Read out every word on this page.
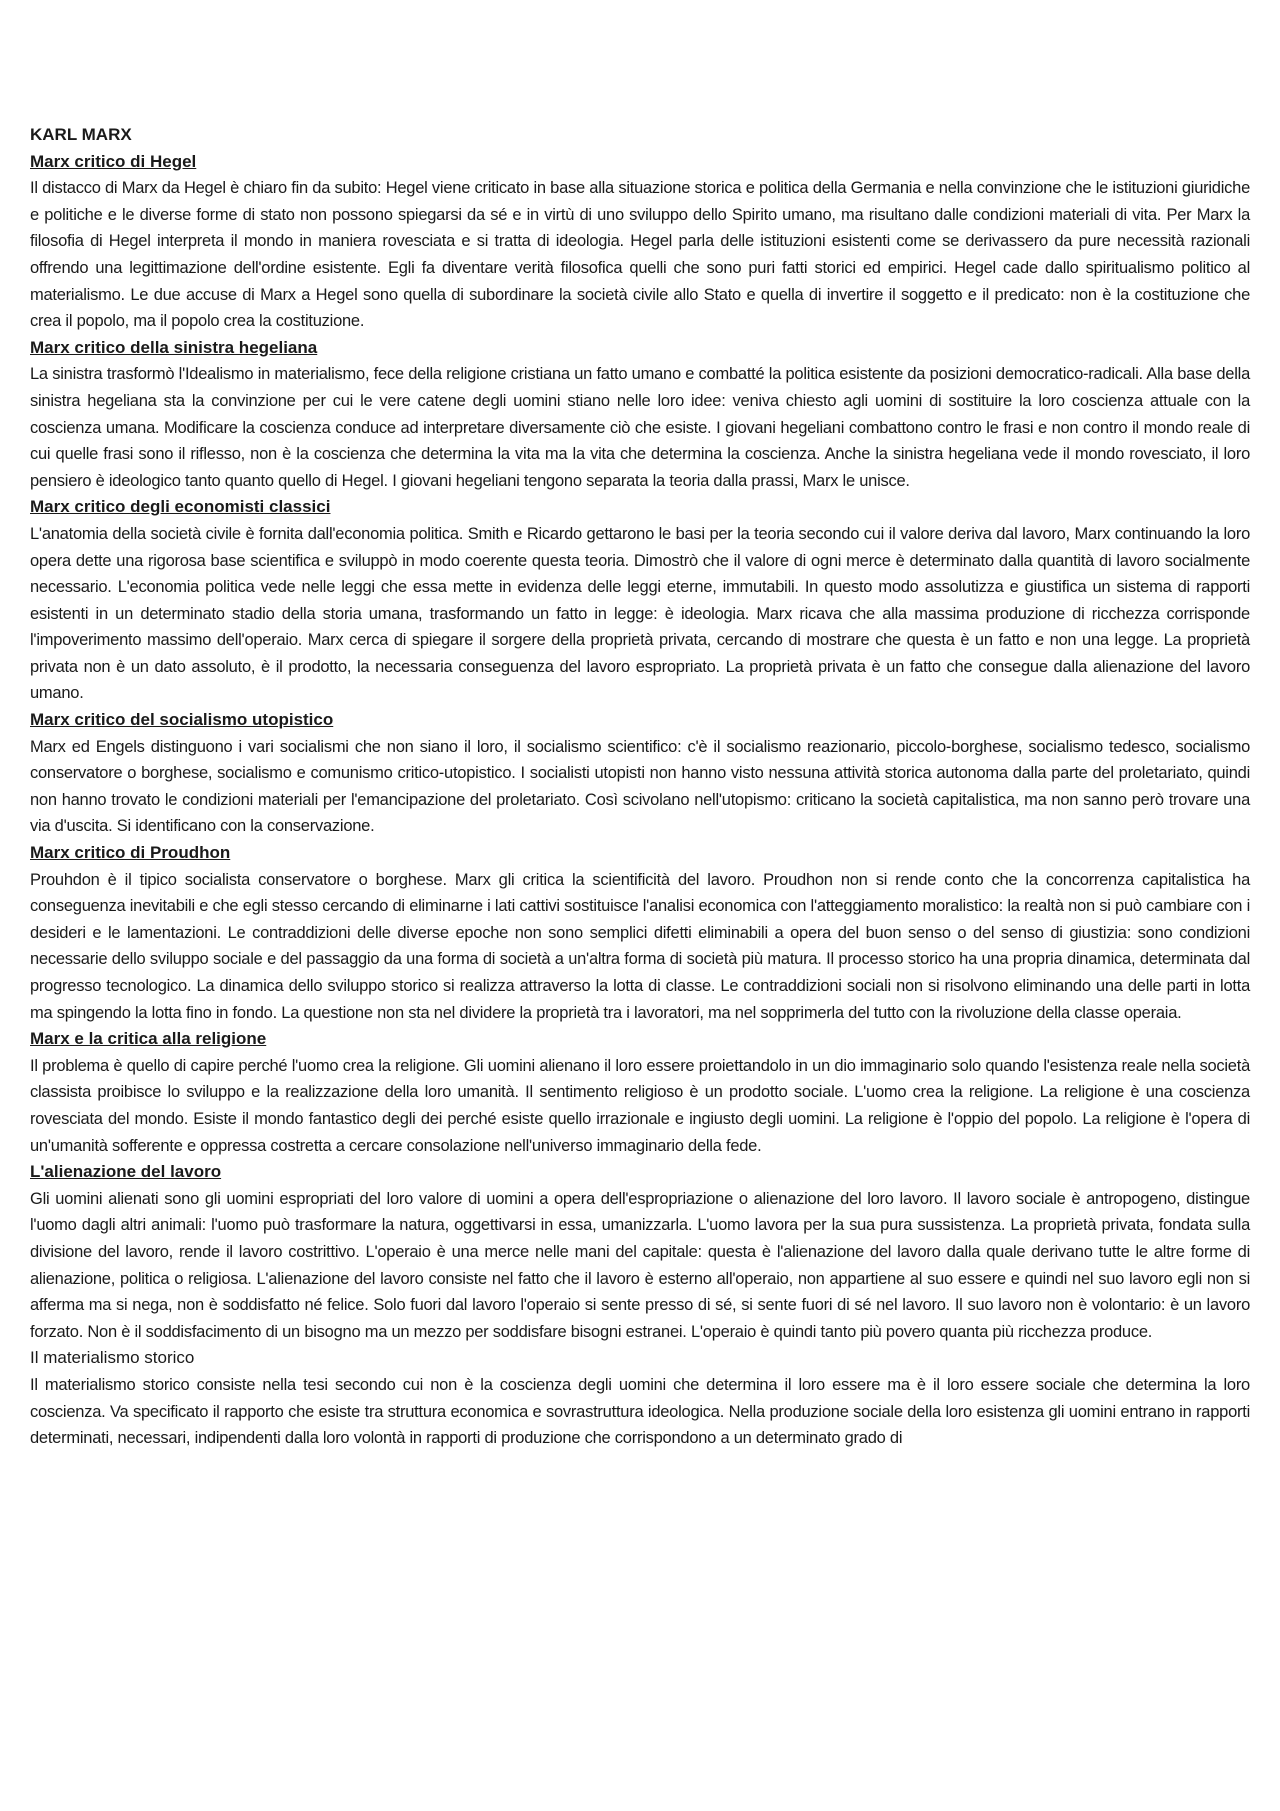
KARL MARX
Marx critico di Hegel

Il distacco di Marx da Hegel è chiaro fin da subito: Hegel viene criticato in base alla situazione storica e politica della Germania e nella convinzione che le istituzioni giuridiche e politiche e le diverse forme di stato non possono spiegarsi da sé e in virtù di uno sviluppo dello Spirito umano, ma risultano dalle condizioni materiali di vita. Per Marx la filosofia di Hegel interpreta il mondo in maniera rovesciata e si tratta di ideologia. Hegel parla delle istituzioni esistenti come se derivassero da pure necessità razionali offrendo una legittimazione dell'ordine esistente. Egli fa diventare verità filosofica quelli che sono puri fatti storici ed empirici. Hegel cade dallo spiritualismo politico al materialismo. Le due accuse di Marx a Hegel sono quella di subordinare la società civile allo Stato e quella di invertire il soggetto e il predicato: non è la costituzione che crea il popolo, ma il popolo crea la costituzione.

Marx critico della sinistra hegeliana

La sinistra trasformò l'Idealismo in materialismo, fece della religione cristiana un fatto umano e combatté la politica esistente da posizioni democratico-radicali. Alla base della sinistra hegeliana sta la convinzione per cui le vere catene degli uomini stiano nelle loro idee: veniva chiesto agli uomini di sostituire la loro coscienza attuale con la coscienza umana. Modificare la coscienza conduce ad interpretare diversamente ciò che esiste. I giovani hegeliani combattono contro le frasi e non contro il mondo reale di cui quelle frasi sono il riflesso, non è la coscienza che determina la vita ma la vita che determina la coscienza. Anche la sinistra hegeliana vede il mondo rovesciato, il loro pensiero è ideologico tanto quanto quello di Hegel. I giovani hegeliani tengono separata la teoria dalla prassi, Marx le unisce.

Marx critico degli economisti classici

L'anatomia della società civile è fornita dall'economia politica. Smith e Ricardo gettarono le basi per la teoria secondo cui il valore deriva dal lavoro, Marx continuando la loro opera dette una rigorosa base scientifica e sviluppò in modo coerente questa teoria. Dimostrò che il valore di ogni merce è determinato dalla quantità di lavoro socialmente necessario. L'economia politica vede nelle leggi che essa mette in evidenza delle leggi eterne, immutabili. In questo modo assolutizza e giustifica un sistema di rapporti esistenti in un determinato stadio della storia umana, trasformando un fatto in legge: è ideologia. Marx ricava che alla massima produzione di ricchezza corrisponde l'impoverimento massimo dell'operaio. Marx cerca di spiegare il sorgere della proprietà privata, cercando di mostrare che questa è un fatto e non una legge. La proprietà privata non è un dato assoluto, è il prodotto, la necessaria conseguenza del lavoro espropriato. La proprietà privata è un fatto che consegue dalla alienazione del lavoro umano.

Marx critico del socialismo utopistico

Marx ed Engels distinguono i vari socialismi che non siano il loro, il socialismo scientifico: c'è il socialismo reazionario, piccolo-borghese, socialismo tedesco, socialismo conservatore o borghese, socialismo e comunismo critico-utopistico. I socialisti utopisti non hanno visto nessuna attività storica autonoma dalla parte del proletariato, quindi non hanno trovato le condizioni materiali per l'emancipazione del proletariato. Così scivolano nell'utopismo: criticano la società capitalistica, ma non sanno però trovare una via d'uscita. Si identificano con la conservazione.

Marx critico di Proudhon

Prouhdon è il tipico socialista conservatore o borghese. Marx gli critica la scientificità del lavoro. Proudhon non si rende conto che la concorrenza capitalistica ha conseguenza inevitabili e che egli stesso cercando di eliminarne i lati cattivi sostituisce l'analisi economica con l'atteggiamento moralistico: la realtà non si può cambiare con i desideri e le lamentazioni. Le contraddizioni delle diverse epoche non sono semplici difetti eliminabili a opera del buon senso o del senso di giustizia: sono condizioni necessarie dello sviluppo sociale e del passaggio da una forma di società a un'altra forma di società più matura. Il processo storico ha una propria dinamica, determinata dal progresso tecnologico. La dinamica dello sviluppo storico si realizza attraverso la lotta di classe. Le contraddizioni sociali non si risolvono eliminando una delle parti in lotta ma spingendo la lotta fino in fondo. La questione non sta nel dividere la proprietà tra i lavoratori, ma nel sopprimerla del tutto con la rivoluzione della classe operaia.

Marx e la critica alla religione

Il problema è quello di capire perché l'uomo crea la religione. Gli uomini alienano il loro essere proiettandolo in un dio immaginario solo quando l'esistenza reale nella società classista proibisce lo sviluppo e la realizzazione della loro umanità. Il sentimento religioso è un prodotto sociale. L'uomo crea la religione. La religione è una coscienza rovesciata del mondo. Esiste il mondo fantastico degli dei perché esiste quello irrazionale e ingiusto degli uomini. La religione è l'oppio del popolo. La religione è l'opera di un'umanità sofferente e oppressa costretta a cercare consolazione nell'universo immaginario della fede.

L'alienazione del lavoro

Gli uomini alienati sono gli uomini espropriati del loro valore di uomini a opera dell'espropriazione o alienazione del loro lavoro. Il lavoro sociale è antropogeno, distingue l'uomo dagli altri animali: l'uomo può trasformare la natura, oggettivarsi in essa, umanizzarla. L'uomo lavora per la sua pura sussistenza. La proprietà privata, fondata sulla divisione del lavoro, rende il lavoro costrittivo. L'operaio è una merce nelle mani del capitale: questa è l'alienazione del lavoro dalla quale derivano tutte le altre forme di alienazione, politica o religiosa. L'alienazione del lavoro consiste nel fatto che il lavoro è esterno all'operaio, non appartiene al suo essere e quindi nel suo lavoro egli non si afferma ma si nega, non è soddisfatto né felice. Solo fuori dal lavoro l'operaio si sente presso di sé, si sente fuori di sé nel lavoro. Il suo lavoro non è volontario: è un lavoro forzato. Non è il soddisfacimento di un bisogno ma un mezzo per soddisfare bisogni estranei. L'operaio è quindi tanto più povero quanta più ricchezza produce.

Il materialismo storico

Il materialismo storico consiste nella tesi secondo cui non è la coscienza degli uomini che determina il loro essere ma è il loro essere sociale che determina la loro coscienza. Va specificato il rapporto che esiste tra struttura economica e sovrastruttura ideologica. Nella produzione sociale della loro esistenza gli uomini entrano in rapporti determinati, necessari, indipendenti dalla loro volontà in rapporti di produzione che corrispondono a un determinato grado di
